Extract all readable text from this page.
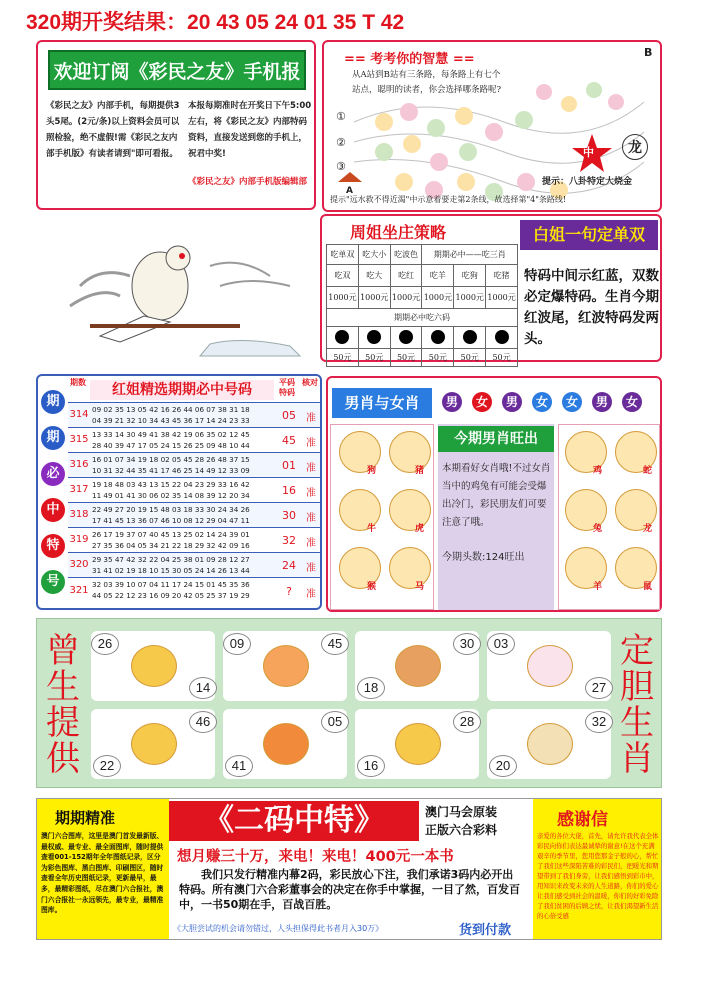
320期开奖结果：20 43 05 24 01 35 T 42
欢迎订阅《彩民之友》手机报
《彩民之友》内部手机，每期提供3头5尾。(2元/条)以上资料会员可以照检验，绝不虚假!需《彩民之友内部手机版》有读者请到"即可看报。
本报每期准时在开奖日下午5:00左右，将《彩民之友》内部特码资料，直接发送到您的手机上，祝君中奖!
《彩民之友》内部手机版编辑部
== 考考你的智慧 ==	B
从A站到B站有三条路，每条路上有七个站点，聪明的读者，你会选择哪条路呢?
①
②
③
A
中	龙
提示：八卦特定大烧金
提示"远水救不得近渴"中示意着要走第2条线，故选择第"4"条路线!
周姐坐庄策略
吃单双	吃大小	吃波色	期期必中——吃三肖		
吃双	吃大	吃红	吃羊	吃狗	吃猪
1000元	1000元	1000元	1000元	1000元	1000元
期期必中吃六码					

50元	50元	50元	50元	50元	50元
白姐一句定单双
特码中间示红蓝，双数必定爆特码。生肖今期红波尾，红波特码发两头。
期
期
必
中
特
号
期数	红姐精选期期必中号码	平码特码
核对
314 09 02 35 13 05 42 16 26 44 06 07 38 31 18
04 39 21 32 10 34 43 45 36 17 14 24 23 33	05	准
315 13 33 14 30 49 41 38 42 19 06 35 02 12 45
28 40 39 47 17 05 24 15 26 25 09 48 10 44	45	准
316 16 01 07 34 19 18 02 05 45 28 26 48 37 15
10 31 32 44 35 41 17 46 25 14 49 12 33 09	01	准
317 19 18 48 03 43 13 15 22 04 23 29 33 16 42
11 49 01 41 30 06 02 35 14 08 39 12 20 34	16	准
318 22 49 27 20 19 15 48 03 18 33 30 24 34 26
17 41 45 13 36 07 46 10 08 12 29 04 47 11	30	准
319 26 17 19 37 07 40 45 13 25 02 14 24 39 01
27 35 36 04 05 34 21 22 18 29 32 42 09 16	32	准
320 29 35 47 42 32 22 04 25 38 01 09 28 12 27
31 41 02 19 18 10 15 30 05 24 14 26 13 44	24	准
321
32 03 39 10 07 04 11 17 24 15 01 45 35 36
44 05 22 12 23 16 09 20 42 05 25 37 19 29	?	准
男肖与女肖	男	女	男	女	女	男	女
狗	猪
牛	虎
猴	马
今期男肖旺出
本期看好女肖哦!不过女肖当中的鸡兔有可能会受爆出冷门，彩民朋友们可要注意了哦。
今期头数:124旺出
鸡	蛇
兔	龙
羊	鼠
曾
生
提
供
定
胆
生
肖
26
14
09	45	30
18
03
27
46
22	41
05
16
28
20
32
期期精准
澳门六合图库，这里是澳门首发最新版、最权威、最专业、最全面图库，随时提供查看001-152期年全年图纸记录，区分为彩色图库、黑白图库、印刷图区，随时查看全年历史图纸记录，更新最早，最多，最精彩图纸，尽在澳门六合报社，澳门六合报社一永远领先，最专业，最精准图库。
《二码中特》	澳门马会原装
正版六合彩料
想月赚三十万，来电！来电！400元一本书
我们只发行精准内幕2码，彩民放心下注，我们承诺3码内必开出特码。所有澳门六合彩董事会的决定在你手中掌握，一目了然，百发百中，一书50期在手，百战百胜。
《大胆尝试的机会请勿错过，人头担保得此书者月入30万》	货到付款
感谢信
亲爱的各位大佬，首先，请允许我代表全体彩民向你们表达最诚挚的谢意!在这个充满艰辛的季节里，您用您那金子般的心，帮忙了我们这些深陷苦难的彩民们，把暖光和期望带到了我们身旁，让我们感悟到彩市中，用知识来改变未来的人生道路，你们的爱心让我们感受到社会的温暖，你们的好彩免除了我们贫困的后顾之忧，让我们渴望新生活的心倍受感
